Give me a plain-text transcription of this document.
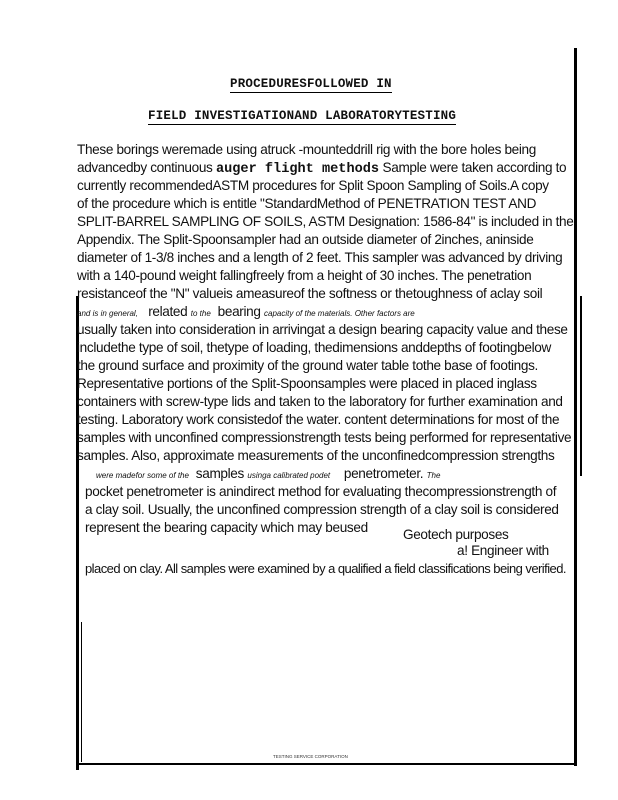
PROCEDURESFOLLOWED IN
FIELD INVESTIGATIONAND LABORATORYTESTING
These borings weremade using atruck -mounteddrill rig with the bore holes being
advancedby continuous auger flight methods Sample were taken according to
currently recommendedASTM procedures for Split Spoon Sampling of Soils.A copy
of the procedure which is entitle "StandardMethod of PENETRATION TEST AND
SPLIT-BARREL SAMPLING OF SOILS, ASTM Designation: 1586-84" is included in the
Appendix. The Split-Spoonsampler had an outside diameter of 2inches, aninside
diameter of 1-3/8 inches and a length of 2 feet. This sampler was advanced by driving
with a 140-pound weight fallingfreely from a height of 30 inches. The penetration
resistanceof the "N" valueis ameasureof the softness or thetoughness of aclay soil
and is in general, related to the bearing capacity of the materials. Other factors are
usually taken into consideration in arrivingat a design bearing capacity value and these
includethe type of soil, thetype of loading, thedimensions anddepths of footingbelow
the ground surface and proximity of the ground water table tothe base of footings.
Representative portions of the Split-Spoonsamples were placed in placed inglass
containers with screw-type lids and taken to the laboratory for further examination and
testing. Laboratory work consistedof the water. content determinations for most of the
samples with unconfined compressionstrength tests being performed for representative
samples. Also, approximate measurements of the unconfinedcompression strengths
were madefor some of the samples usinga calibrated podet penetrometer. The
pocket penetrometer is anindirect method for evaluating thecompressionstrength of
a clay soil. Usually, the unconfined compression strength of a clay soil is considered
represent the bearing capacity which may beused	Geotech purposes
a! Engineer with
placed on clay. All samples were examined by a qualified a field classifications being verified.
TESTING SERVICE CORPORATION
